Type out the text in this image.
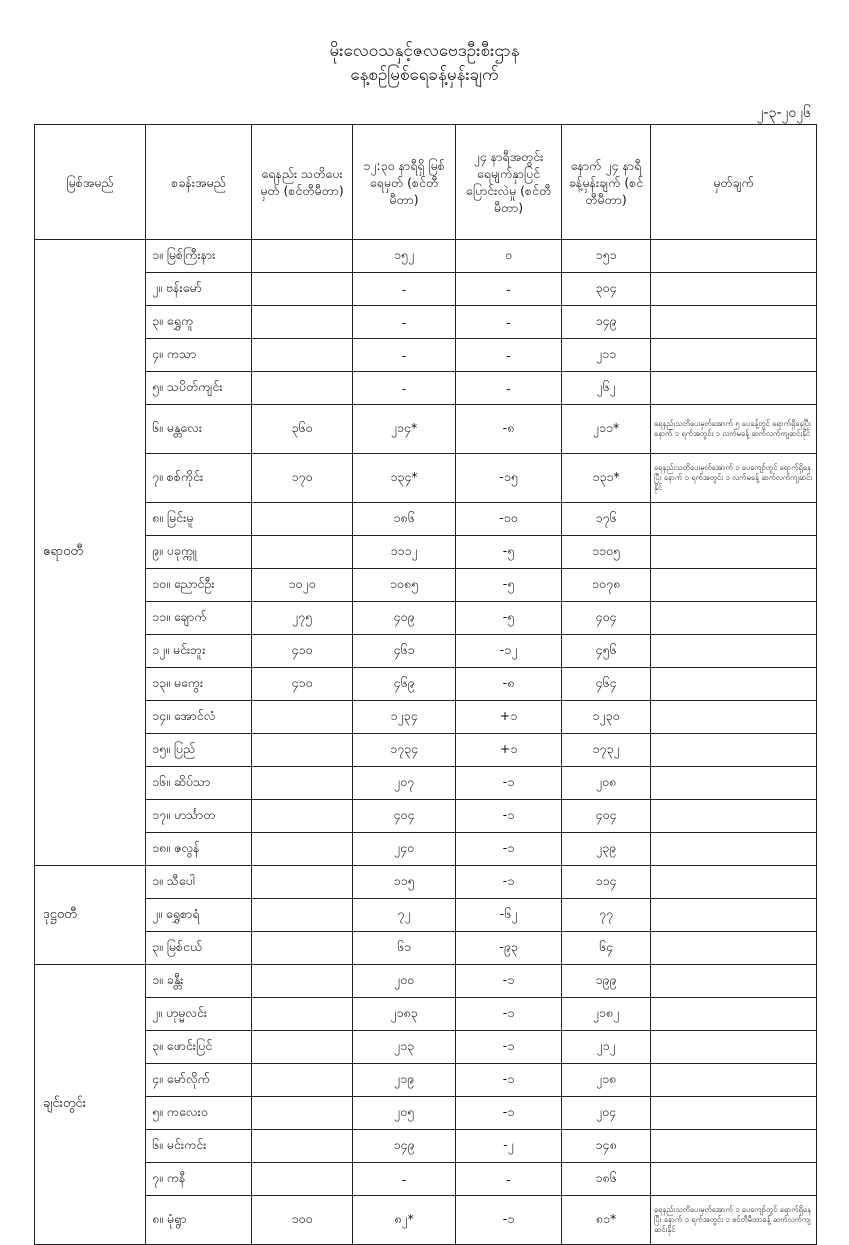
မိုးလေဝသနှင့်ဇလဗေဒဦးစီးဌာန
နေ့စဉ်မြစ်ရေခန့်မှန်းချက်
၂-၃-၂၀၂၆
မြစ်အမည်	စခန်းအမည်	ရေနည်း သတိပေးမှတ် (စင်တီမီတာ)	၁၂:၃၀ နာရီရှိ မြစ်ရေမှတ် (စင်တီမီတာ)	၂၄ နာရီအတွင်း ရေမျက်နှာပြင် ပြောင်းလဲမှု (စင်တီမီတာ)	နောက် ၂၄ နာရီ ခန့်မှန်းချက် (စင်တီမီတာ)	မှတ်ချက်
ဧရာဝတီ	၁။ မြစ်ကြီးနား		၁၅၂	၀	၁၅၁	
	၂။ ဗန်းမော်		-	-	၃၀၄	
	၃။ ရွှေကူ		-	-	၁၄၉	
	၄။ ကသာ		-	-	၂၁၁	
	၅။ သပိတ်ကျင်း		-	-	၂၆၂	
	၆။ မန္တလေး	၃၆၀	၂၁၄*	-၈	၂၁၁*	ရေနည်းသတိပေးမှတ်အောက် ၅ ပေခန့်တွင် ရောက်ရှိနေပြီး နောက် ၁ ရက်အတွင်း ၁ လက်မခန့် ဆက်လက်ကျဆင်းနိုင်
	၇။ စစ်ကိုင်း	၁၇၀	၁၃၄*	-၁၅	၁၃၁*	ရေနည်းသတိပေးမှတ်အောက် ၁ ပေကျော်တွင် ရောက်ရှိနေပြီး နောက် ၁ ရက်အတွင်း ၁ လက်မခန့် ဆက်လက်ကျဆင်းနိုင်
	၈။ မြင်းမူ		၁၈၆	-၁၀	၁၇၆	
	၉။ ပခုက္ကူ		၁၁၁၂	-၅	၁၁၀၅	
	၁၀။ ညောင်ဦး	၁၀၂၀	၁၀၈၅	-၅	၁၀၇၈	
	၁၁။ ချောက်	၂၇၅	၄၀၉	-၅	၄၀၄	
	၁၂။ မင်းဘူး	၄၁၀	၄၆၁	-၁၂	၄၅၆	
	၁၃။ မကွေး	၄၁၀	၄၆၉	-၈	၄၆၄	
	၁၄။ အောင်လံ		၁၂၃၄	+၁	၁၂၃၀	
	၁၅။ ပြည်		၁၇၃၄	+၁	၁၇၃၂	
	၁၆။ ဆိပ်သာ		၂၀၇	-၁	၂၀၈	
	၁၇။ ဟင်္သာတ		၄၀၄	-၁	၄၀၄	
	၁၈။ ဇလွန်		၂၄၀	-၁	၂၃၉	
ဒုဋ္ဌဝတီ	၁။ သီပေါ		၁၁၅	-၁	၁၁၄	
	၂။ ရွှေစာရံ		၇၂	-၆၂	၇၇	
	၃။ မြစ်ငယ်		၆၁	-၉၃	၆၄	
ချင်းတွင်း	၁။ ခန္တီး		၂၀၀	-၁	၁၉၉	
	၂။ ဟုမ္မလင်း		၂၁၈၃	-၁	၂၁၈၂	
	၃။ ဖောင်းပြင်		၂၁၃	-၁	၂၁၂	
	၄။ မော်လိုက်		၂၁၉	-၁	၂၁၈	
	၅။ ကလေးဝ		၂၀၅	-၁	၂၀၄	
	၆။ မင်းကင်း		၁၄၉	-၂	၁၄၈	
	၇။ ကနီ		-	-	၁၈၆	
	၈။ မုံရွာ	၁၀၀	၈၂*	-၁	၈၁*	ရေနည်းသတိပေးမှတ်အောက် ၁ ပေကျော်တွင် ရောက်ရှိနေပြီး နောက် ၁ ရက်အတွင်း ၁ စင်တီမီတာခန့် ဆက်လက်ကျဆင်းနိုင်
